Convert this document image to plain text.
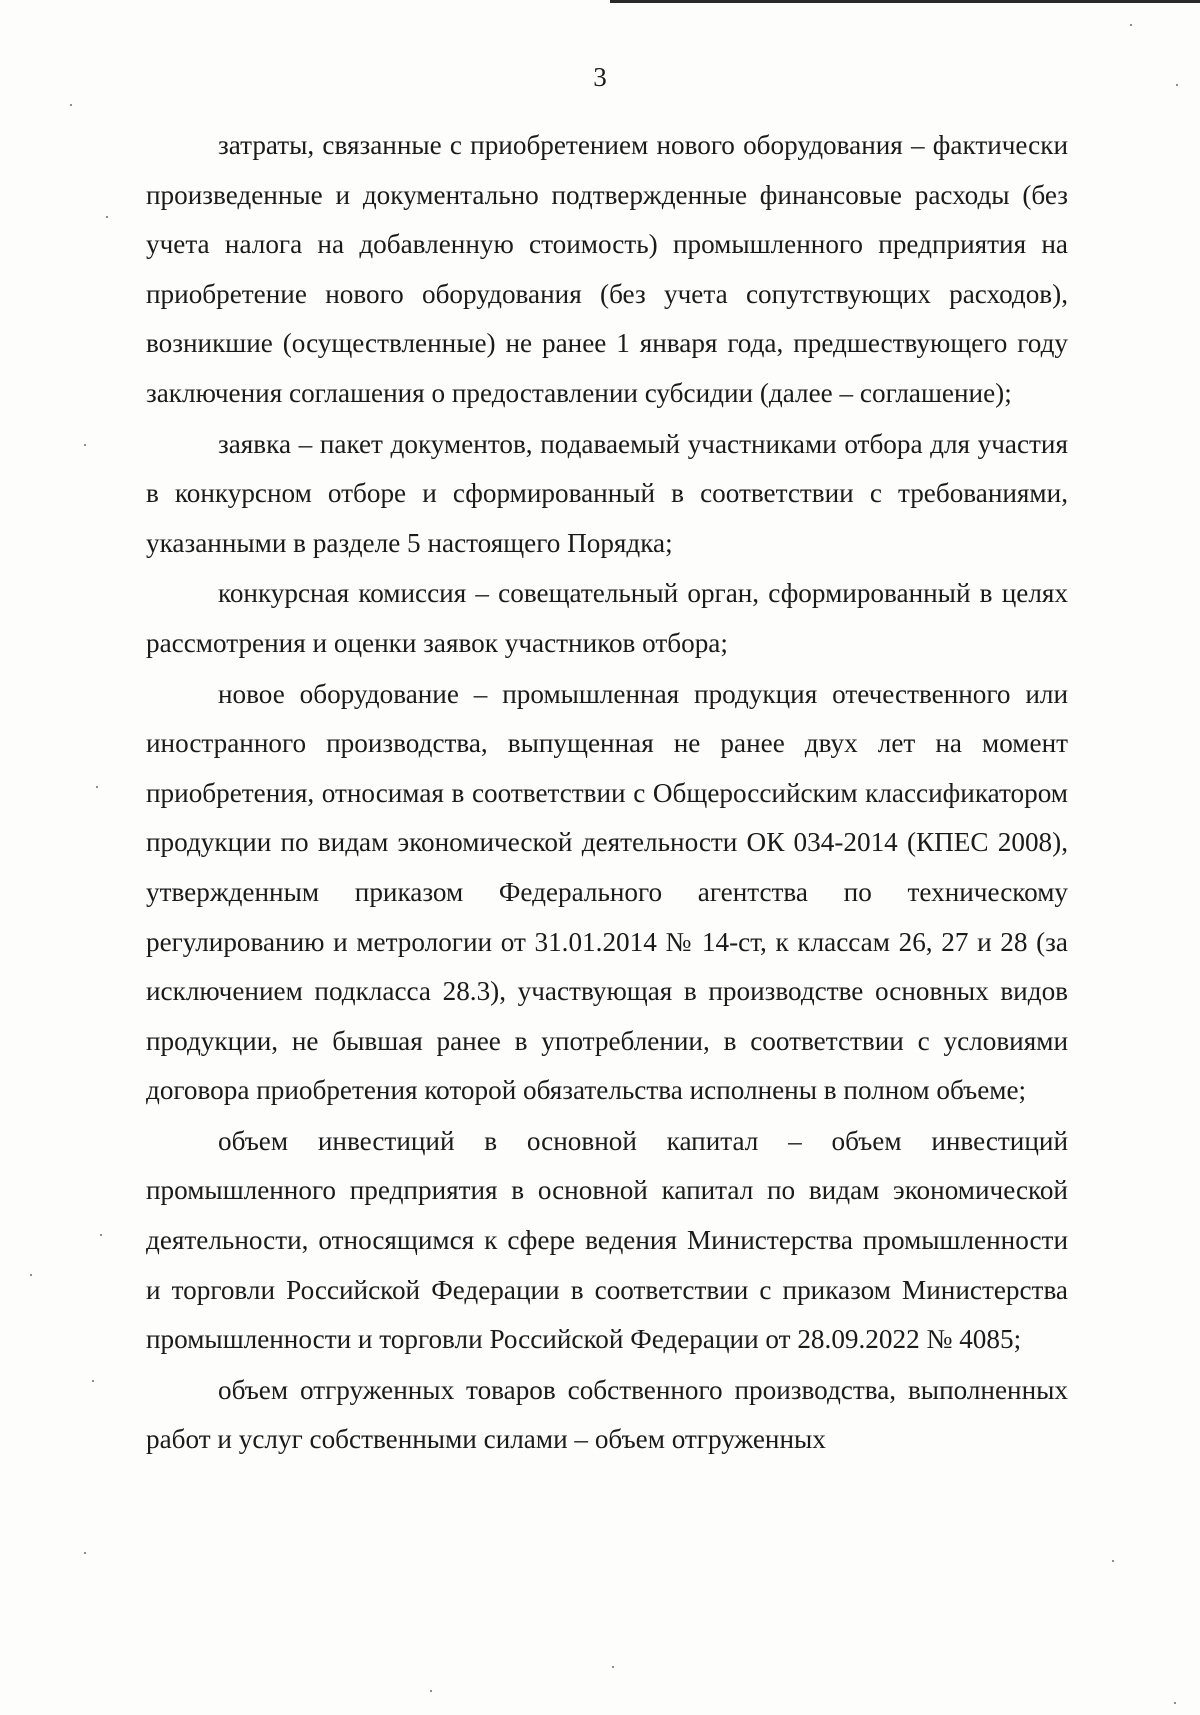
3

затраты, связанные с приобретением нового оборудования – фактически произведенные и документально подтвержденные финансовые расходы (без учета налога на добавленную стоимость) промышленного предприятия на приобретение нового оборудования (без учета сопутствующих расходов), возникшие (осуществленные) не ранее 1 января года, предшествующего году заключения соглашения о предоставлении субсидии (далее – соглашение);

заявка – пакет документов, подаваемый участниками отбора для участия в конкурсном отборе и сформированный в соответствии с требованиями, указанными в разделе 5 настоящего Порядка;

конкурсная комиссия – совещательный орган, сформированный в целях рассмотрения и оценки заявок участников отбора;

новое оборудование – промышленная продукция отечественного или иностранного производства, выпущенная не ранее двух лет на момент приобретения, относимая в соответствии с Общероссийским классификатором продукции по видам экономической деятельности ОК 034-2014 (КПЕС 2008), утвержденным приказом Федерального агентства по техническому регулированию и метрологии от 31.01.2014 № 14-ст, к классам 26, 27 и 28 (за исключением подкласса 28.3), участвующая в производстве основных видов продукции, не бывшая ранее в употреблении, в соответствии с условиями договора приобретения которой обязательства исполнены в полном объеме;

объем инвестиций в основной капитал – объем инвестиций промышленного предприятия в основной капитал по видам экономической деятельности, относящимся к сфере ведения Министерства промышленности и торговли Российской Федерации в соответствии с приказом Министерства промышленности и торговли Российской Федерации от 28.09.2022 № 4085;

объем отгруженных товаров собственного производства, выполненных работ и услуг собственными силами – объем отгруженных
